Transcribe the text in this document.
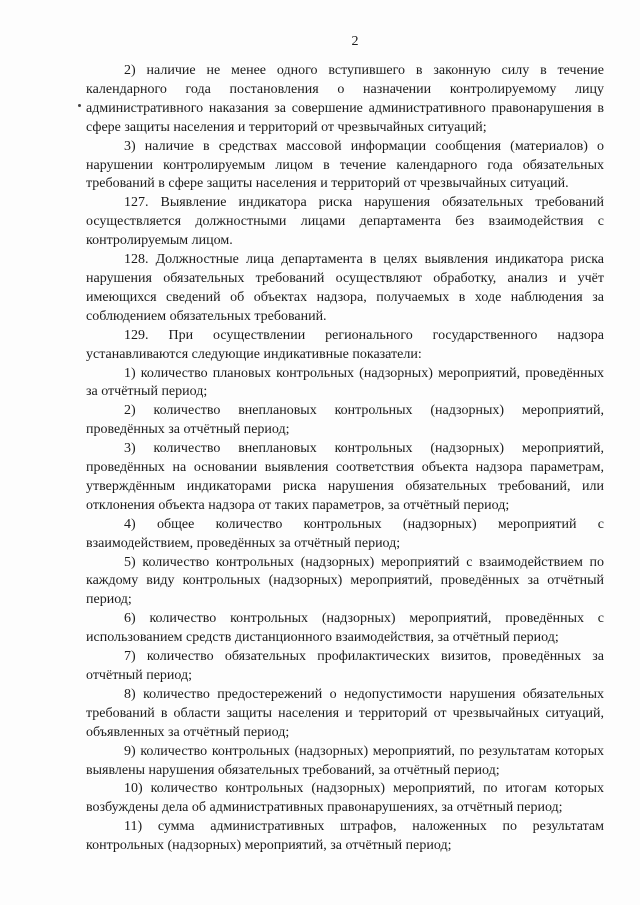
2

2) наличие не менее одного вступившего в законную силу в течение календарного года постановления о назначении контролируемому лицу административного наказания за совершение административного правонарушения в сфере защиты населения и территорий от чрезвычайных ситуаций;

3) наличие в средствах массовой информации сообщения (материалов) о нарушении контролируемым лицом в течение календарного года обязательных требований в сфере защиты населения и территорий от чрезвычайных ситуаций.

127. Выявление индикатора риска нарушения обязательных требований осуществляется должностными лицами департамента без взаимодействия с контролируемым лицом.

128. Должностные лица департамента в целях выявления индикатора риска нарушения обязательных требований осуществляют обработку, анализ и учёт имеющихся сведений об объектах надзора, получаемых в ходе наблюдения за соблюдением обязательных требований.

129. При осуществлении регионального государственного надзора устанавливаются следующие индикативные показатели:

1) количество плановых контрольных (надзорных) мероприятий, проведённых за отчётный период;

2) количество внеплановых контрольных (надзорных) мероприятий, проведённых за отчётный период;

3) количество внеплановых контрольных (надзорных) мероприятий, проведённых на основании выявления соответствия объекта надзора параметрам, утверждённым индикаторами риска нарушения обязательных требований, или отклонения объекта надзора от таких параметров, за отчётный период;

4) общее количество контрольных (надзорных) мероприятий с взаимодействием, проведённых за отчётный период;

5) количество контрольных (надзорных) мероприятий с взаимодействием по каждому виду контрольных (надзорных) мероприятий, проведённых за отчётный период;

6) количество контрольных (надзорных) мероприятий, проведённых с использованием средств дистанционного взаимодействия, за отчётный период;

7) количество обязательных профилактических визитов, проведённых за отчётный период;

8) количество предостережений о недопустимости нарушения обязательных требований в области защиты населения и территорий от чрезвычайных ситуаций, объявленных за отчётный период;

9) количество контрольных (надзорных) мероприятий, по результатам которых выявлены нарушения обязательных требований, за отчётный период;

10) количество контрольных (надзорных) мероприятий, по итогам которых возбуждены дела об административных правонарушениях, за отчётный период;

11) сумма административных штрафов, наложенных по результатам контрольных (надзорных) мероприятий, за отчётный период;
